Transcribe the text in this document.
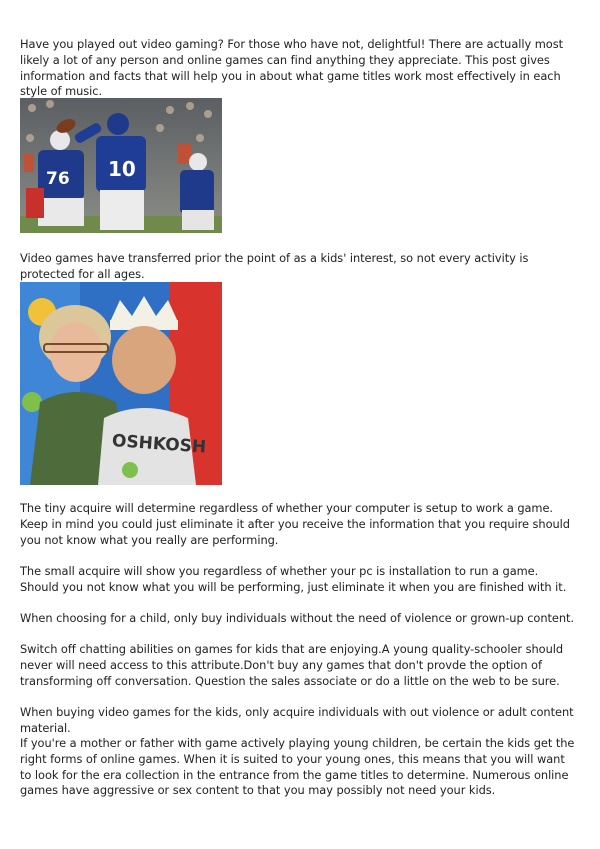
Have you played out video gaming? For those who have not, delightful! There are actually most likely a lot of any person and online games can find anything they appreciate. This post gives information and facts that will help you in about what game titles work most effectively in each style of music.

76 10

Video games have transferred prior the point of as a kids' interest, so not every activity is protected for all ages.

OSHKOSH

The tiny acquire will determine regardless of whether your computer is setup to work a game. Keep in mind you could just eliminate it after you receive the information that you require should you not know what you really are performing.

The small acquire will show you regardless of whether your pc is installation to run a game. Should you not know what you will be performing, just eliminate it when you are finished with it.

When choosing for a child, only buy individuals without the need of violence or grown-up content.

Switch off chatting abilities on games for kids that are enjoying.A young quality-schooler should never will need access to this attribute.Don't buy any games that don't provde the option of transforming off conversation. Question the sales associate or do a little on the web to be sure.

When buying video games for the kids, only acquire individuals with out violence or adult content material.

If you're a mother or father with game actively playing young children, be certain the kids get the right forms of online games. When it is suited to your young ones, this means that you will want to look for the era collection in the entrance from the game titles to determine. Numerous online games have aggressive or sex content to that you may possibly not need your kids.
